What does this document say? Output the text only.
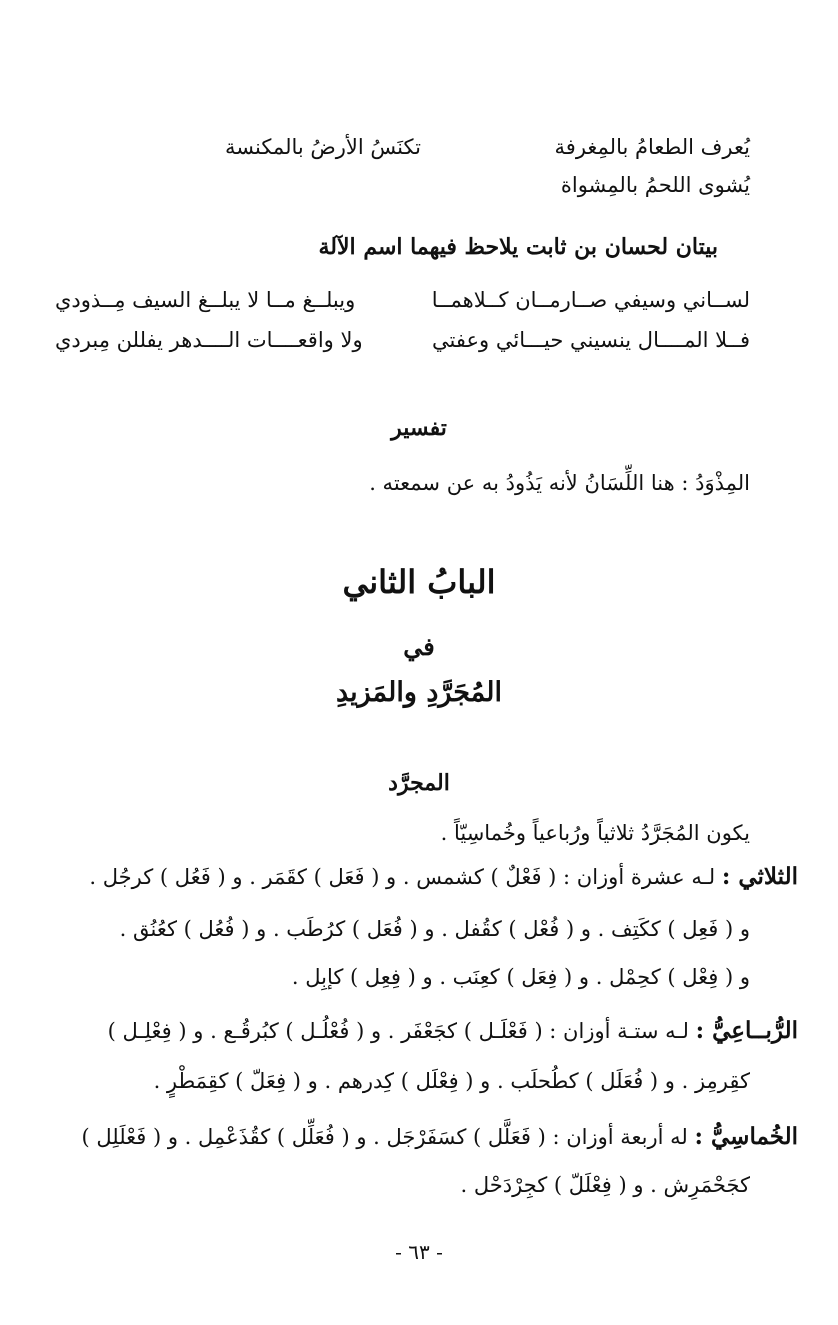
يُعرف الطعامُ بالمِغرفة
تكنَسُ الأرضُ بالمكنسة
يُشوى اللحمُ بالمِشواة
بيتان لحسان بن ثابت يلاحظ فيهما اسم الآلة
لســاني وسيفي صــارمــان كــلاهمــا
ويبلــغ مــا لا يبلــغ السيف مِــذودي
فــلا المــــال ينسيني حيـــائي وعفتي
ولا واقعــــات الــــدهر يفللن مِبردي
تفسير
المِذْوَدُ : هنا اللِّسَانُ لأنه يَذُودُ به عن سمعته .
البابُ الثاني
في
المُجَرَّدِ والمَزيدِ
المجرَّد
يكون المُجَرَّدُ ثلاثياً ورُباعياً وخُماسِيّاً .
الثلاثي : لـه عشرة أوزان : ( فَعْلٌ ) كشمس . و ( فَعَل ) كقَمَر . و ( فَعُل ) كرجُل .
و ( فَعِل ) ككَتِف . و ( فُعْل ) كقُفل . و ( فُعَل ) كرُطَب . و ( فُعُل ) كعُنُق .
و ( فِعْل ) كحِمْل . و ( فِعَل ) كعِنَب . و ( فِعِل ) كإبِل .
الرُّبــاعِيُّ : لـه ستـة أوزان : ( فَعْلَـل ) كجَعْفَر . و ( فُعْلُـل ) كبُرقُـع . و ( فِعْلِـل )
كقِرمِز . و ( فُعَلَل ) كطُحلَب . و ( فِعْلَل ) كِدرهم . و ( فِعَلّ ) كقِمَطْرٍ .
الخُماسِيُّ : له أربعة أوزان : ( فَعَلَّل ) كسَفَرْجَل . و ( فُعَلِّل ) كقُذَعْمِل . و ( فَعْلَلِل )
كجَحْمَرِش . و ( فِعْلَلّ ) كجِرْدَحْل .
- ٦٣ -
